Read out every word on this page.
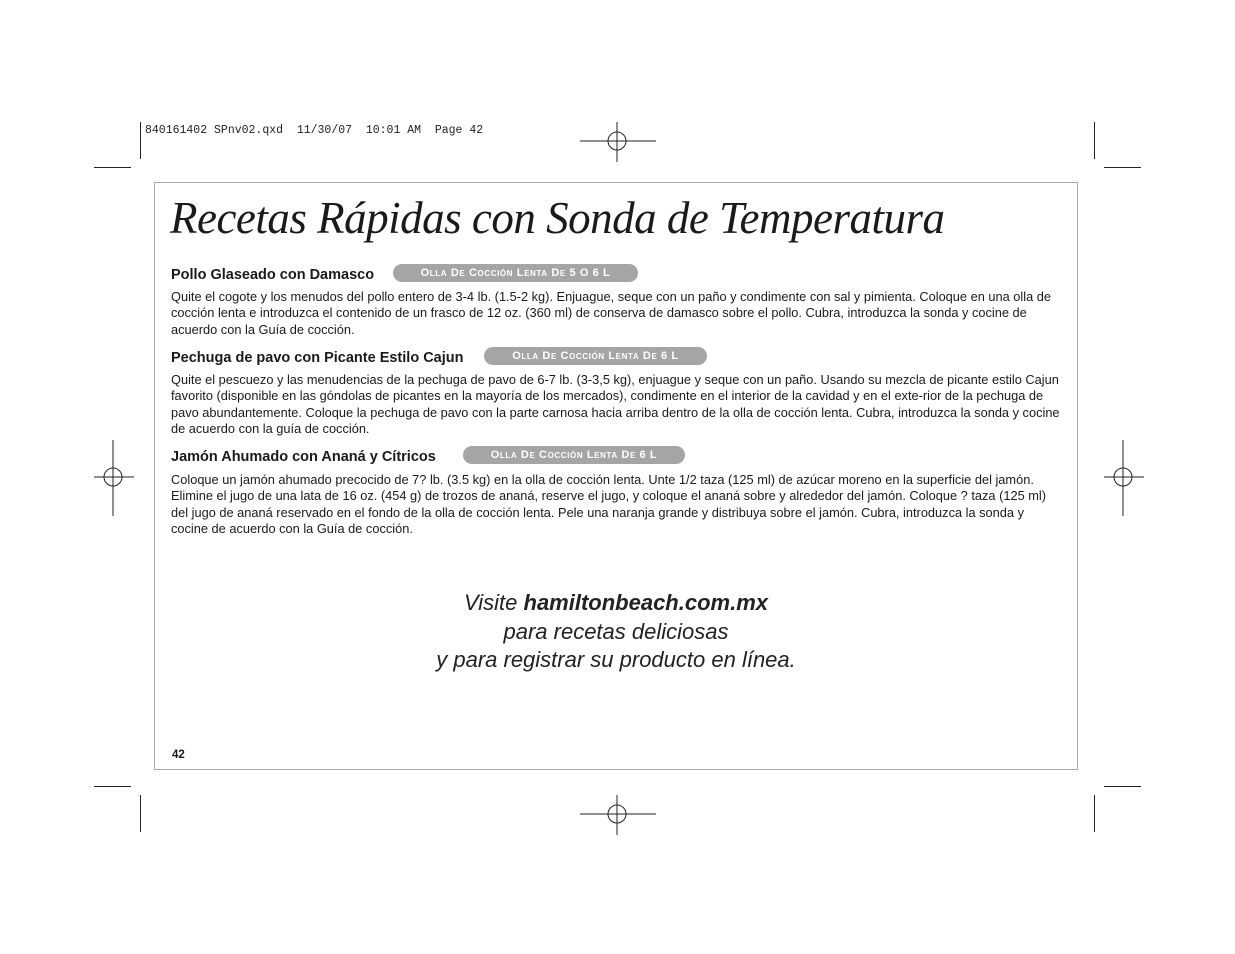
840161402 SPnv02.qxd  11/30/07  10:01 AM  Page 42
Recetas Rápidas con Sonda de Temperatura
Pollo Glaseado con Damasco	Olla De Cocción Lenta De 5 O 6 L

Quite el cogote y los menudos del pollo entero de 3-4 lb. (1.5-2 kg). Enjuague, seque con un paño y condimente con sal y pimienta. Coloque en una olla de cocción lenta e introduzca el contenido de un frasco de 12 oz. (360 ml) de conserva de damasco sobre el pollo. Cubra, introduzca la sonda y cocine de acuerdo con la Guía de cocción.

Pechuga de pavo con Picante Estilo Cajun	Olla De Cocción Lenta De 6 L

Quite el pescuezo y las menudencias de la pechuga de pavo de 6-7 lb. (3-3,5 kg), enjuague y seque con un paño. Usando su mezcla de picante estilo Cajun favorito (disponible en las góndolas de picantes en la mayoría de los mercados), condimente en el interior de la cavidad y en el exte-rior de la pechuga de pavo abundantemente. Coloque la pechuga de pavo con la parte carnosa hacia arriba dentro de la olla de cocción lenta. Cubra, introduzca la sonda y cocine de acuerdo con la guía de cocción.

Jamón Ahumado con Ananá y Cítricos	Olla De Cocción Lenta De 6 L

Coloque un jamón ahumado precocido de 7? lb. (3.5 kg) en la olla de cocción lenta. Unte 1/2 taza (125 ml) de azúcar moreno en la superficie del jamón. Elimine el jugo de una lata de 16 oz. (454 g) de trozos de ananá, reserve el jugo, y coloque el ananá sobre y alrededor del jamón. Coloque ? taza (125 ml) del jugo de ananá reservado en el fondo de la olla de cocción lenta. Pele una naranja grande y distribuya sobre el jamón. Cubra, introduzca la sonda y cocine de acuerdo con la Guía de cocción.

Visite hamiltonbeach.com.mx
para recetas deliciosas
y para registrar su producto en línea.
42
